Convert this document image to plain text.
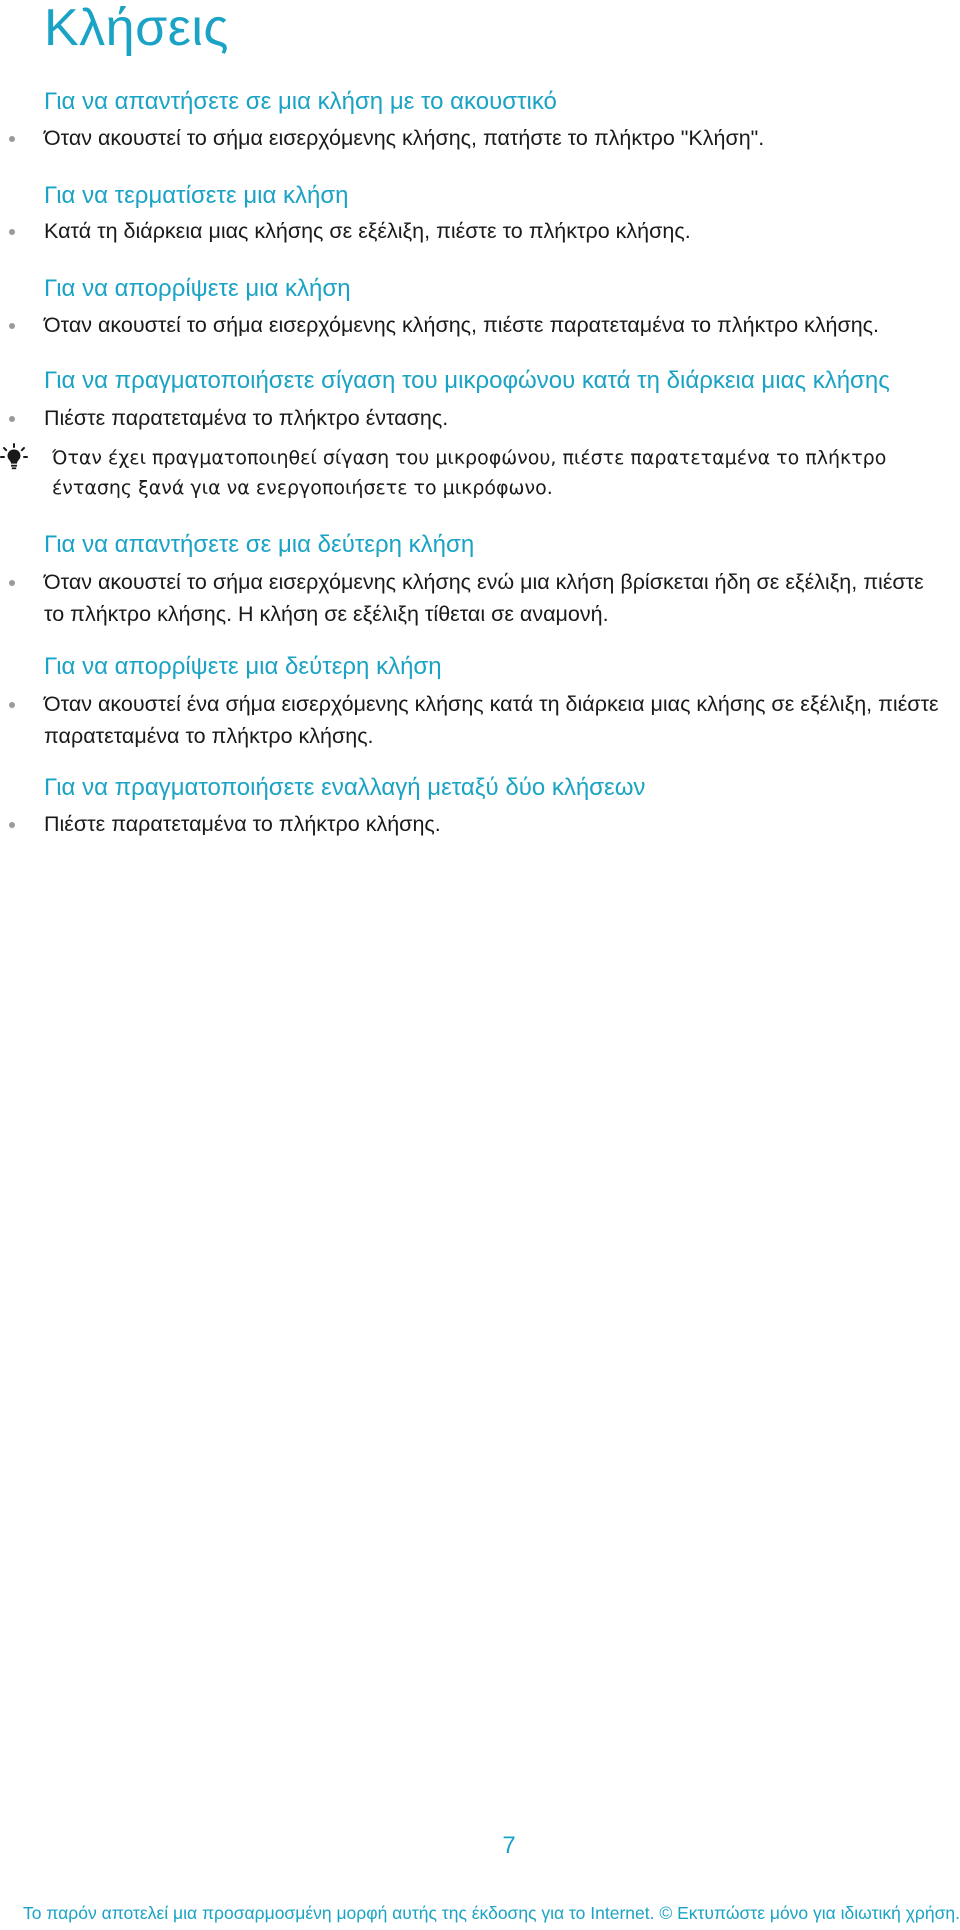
Κλήσεις
Για να απαντήσετε σε μια κλήση με το ακουστικό

Όταν ακουστεί το σήμα εισερχόμενης κλήσης, πατήστε το πλήκτρο "Κλήση".

Για να τερματίσετε μια κλήση

Κατά τη διάρκεια μιας κλήσης σε εξέλιξη, πιέστε το πλήκτρο κλήσης.

Για να απορρίψετε μια κλήση

Όταν ακουστεί το σήμα εισερχόμενης κλήσης, πιέστε παρατεταμένα το πλήκτρο κλήσης.

Για να πραγματοποιήσετε σίγαση του μικροφώνου κατά τη διάρκεια μιας κλήσης

Πιέστε παρατεταμένα το πλήκτρο έντασης.

Όταν έχει πραγματοποιηθεί σίγαση του μικροφώνου, πιέστε παρατεταμένα το πλήκτρο έντασης ξανά για να ενεργοποιήσετε το μικρόφωνο.

Για να απαντήσετε σε μια δεύτερη κλήση

Όταν ακουστεί το σήμα εισερχόμενης κλήσης ενώ μια κλήση βρίσκεται ήδη σε εξέλιξη, πιέστε το πλήκτρο κλήσης. Η κλήση σε εξέλιξη τίθεται σε αναμονή.

Για να απορρίψετε μια δεύτερη κλήση

Όταν ακουστεί ένα σήμα εισερχόμενης κλήσης κατά τη διάρκεια μιας κλήσης σε εξέλιξη, πιέστε παρατεταμένα το πλήκτρο κλήσης.

Για να πραγματοποιήσετε εναλλαγή μεταξύ δύο κλήσεων

Πιέστε παρατεταμένα το πλήκτρο κλήσης.

7
Το παρόν αποτελεί μια προσαρμοσμένη μορφή αυτής της έκδοσης για το Internet. © Εκτυπώστε μόνο για ιδιωτική χρήση.
